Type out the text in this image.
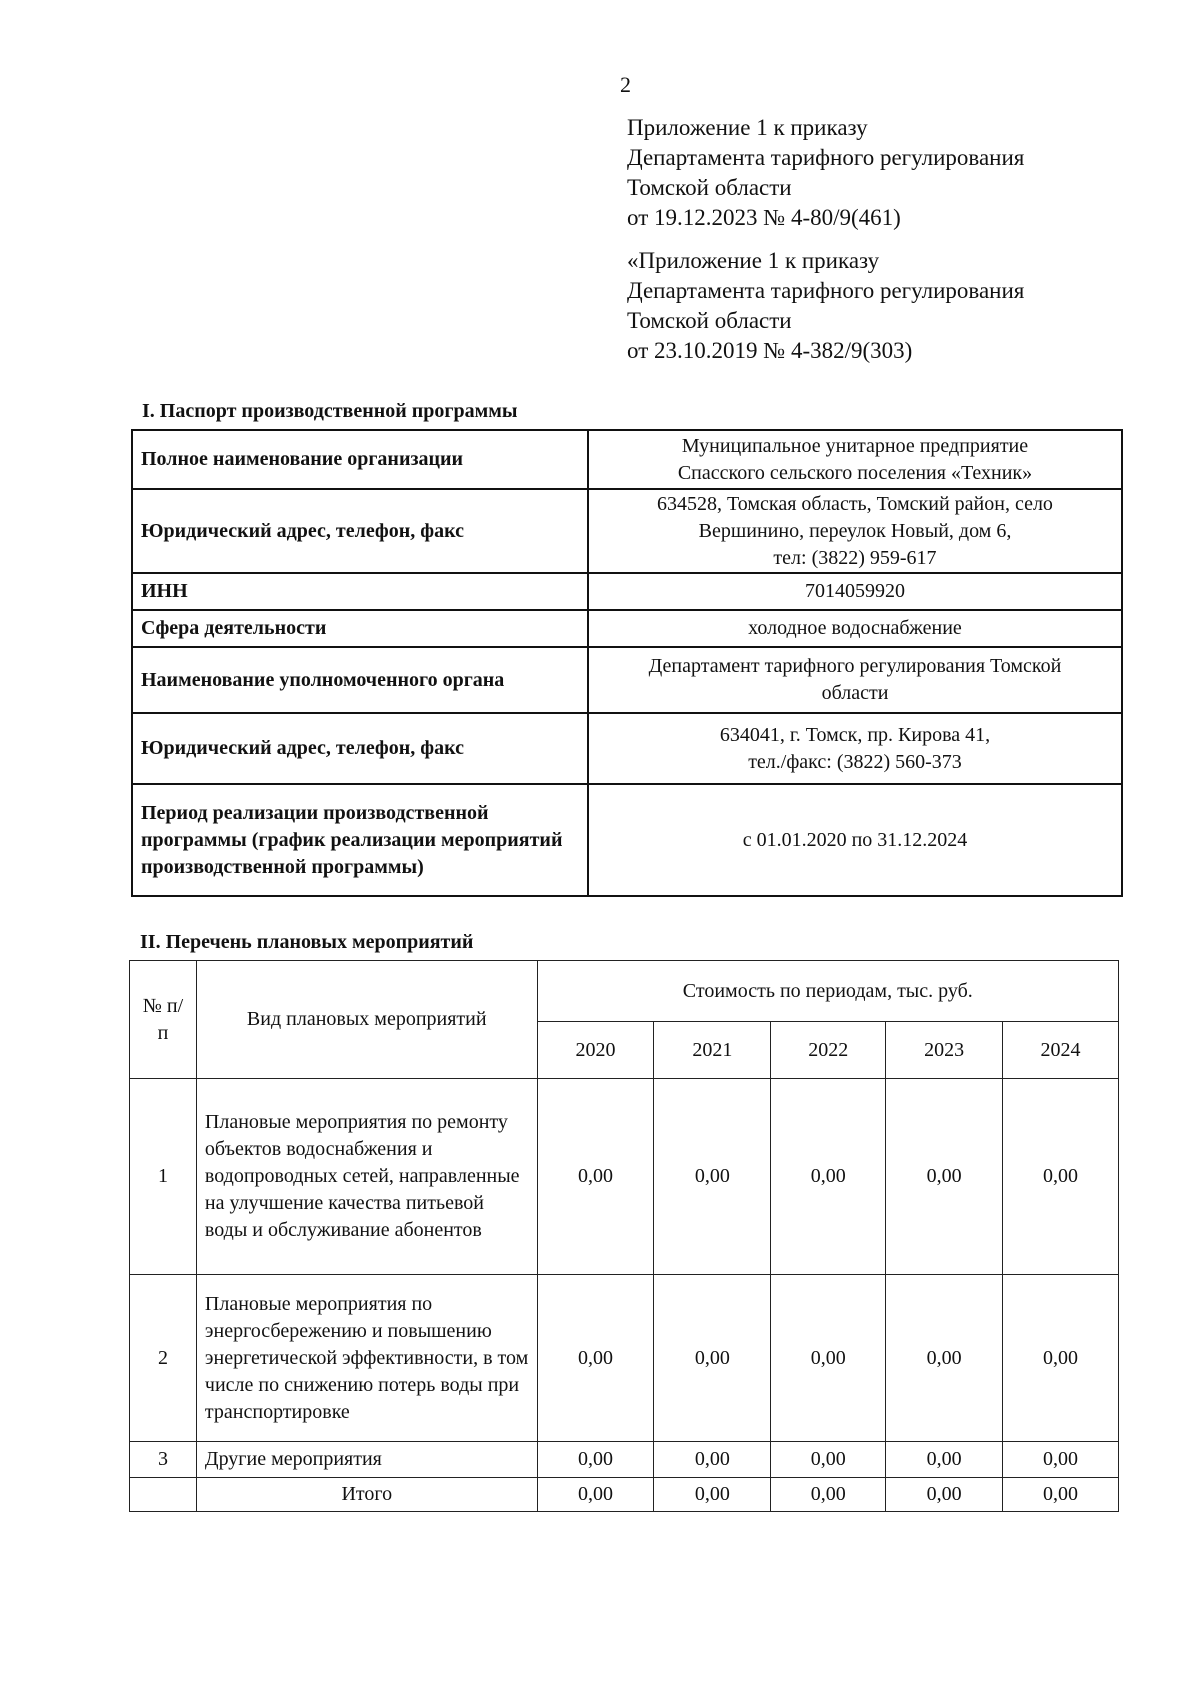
2
Приложение 1 к приказу
Департамента тарифного регулирования
Томской области
от 19.12.2023 № 4-80/9(461)
«Приложение 1 к приказу
Департамента тарифного регулирования
Томской области
от 23.10.2019 № 4-382/9(303)
I. Паспорт производственной программы
Полное наименование организации	Муниципальное унитарное предприятие
Спасского сельского поселения «Техник»

Юридический адрес, телефон, факс	634528, Томская область, Томский район, село
Вершинино, переулок Новый, дом 6,
тел: (3822) 959-617

ИНН	7014059920

Сфера деятельности	холодное водоснабжение

Наименование уполномоченного органа	Департамент тарифного регулирования Томской
области

Юридический адрес, телефон, факс	634041, г. Томск, пр. Кирова 41,
тел./факс: (3822) 560-373

Период реализации производственной программы (график реализации мероприятий производственной программы)	с 01.01.2020 по 31.12.2024
II. Перечень плановых мероприятий
№ п/п	Вид плановых мероприятий	Стоимость по периодам, тыс. руб.				
		2020	2021	2022	2023	2024
1	Плановые мероприятия по ремонту объектов водоснабжения и водопроводных сетей, направленные на улучшение качества питьевой воды и обслуживание абонентов	0,00	0,00	0,00	0,00	0,00
2	Плановые мероприятия по энергосбережению и повышению энергетической эффективности, в том числе по снижению потерь воды при транспортировке	0,00	0,00	0,00	0,00	0,00
3	Другие мероприятия	0,00	0,00	0,00	0,00	0,00
	Итого	0,00	0,00	0,00	0,00	0,00
